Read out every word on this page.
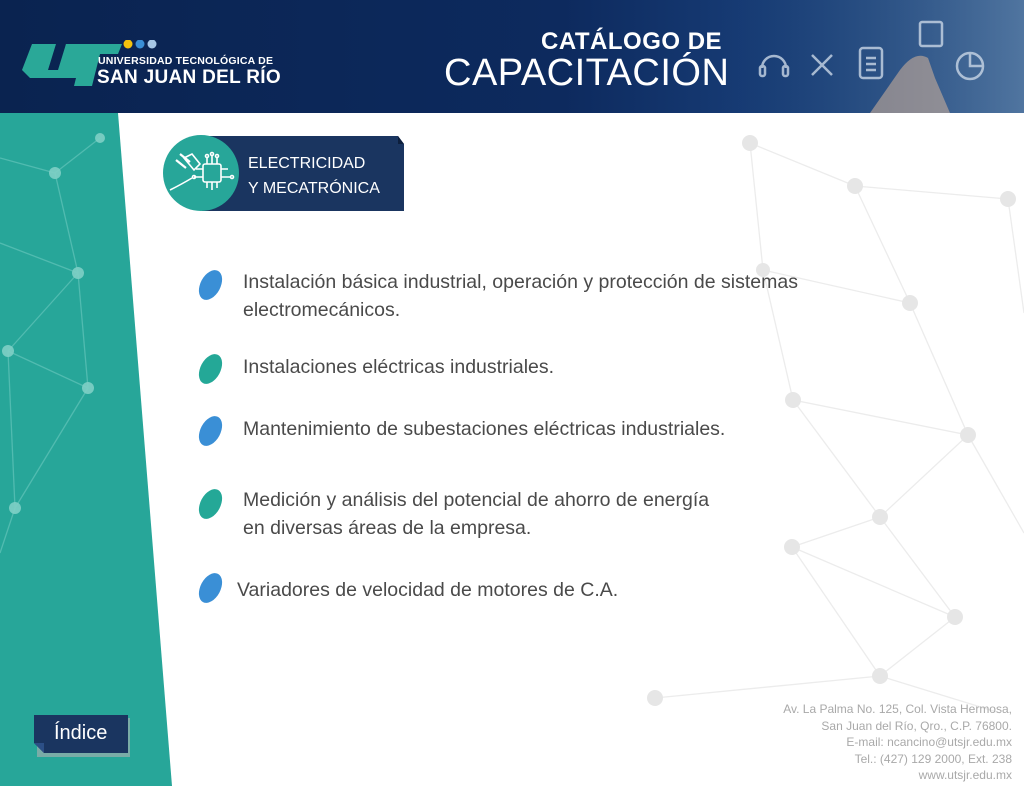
UNIVERSIDAD TECNOLÓGICA DE
SAN JUAN DEL RÍO
CATÁLOGO DE
CAPACITACIÓN
ELECTRICIDAD
Y MECATRÓNICA
Instalación básica industrial, operación y protección de sistemas
electromecánicos.
Instalaciones eléctricas industriales.
Mantenimiento de subestaciones eléctricas industriales.
Medición y análisis del potencial de ahorro de energía
en diversas áreas de la empresa.
Variadores de velocidad de motores de C.A.
Av. La Palma No. 125, Col. Vista Hermosa,
San Juan del Río, Qro., C.P. 76800.
E-mail: ncancino@utsjr.edu.mx
Tel.: (427) 129 2000, Ext. 238
www.utsjr.edu.mx
Índice
